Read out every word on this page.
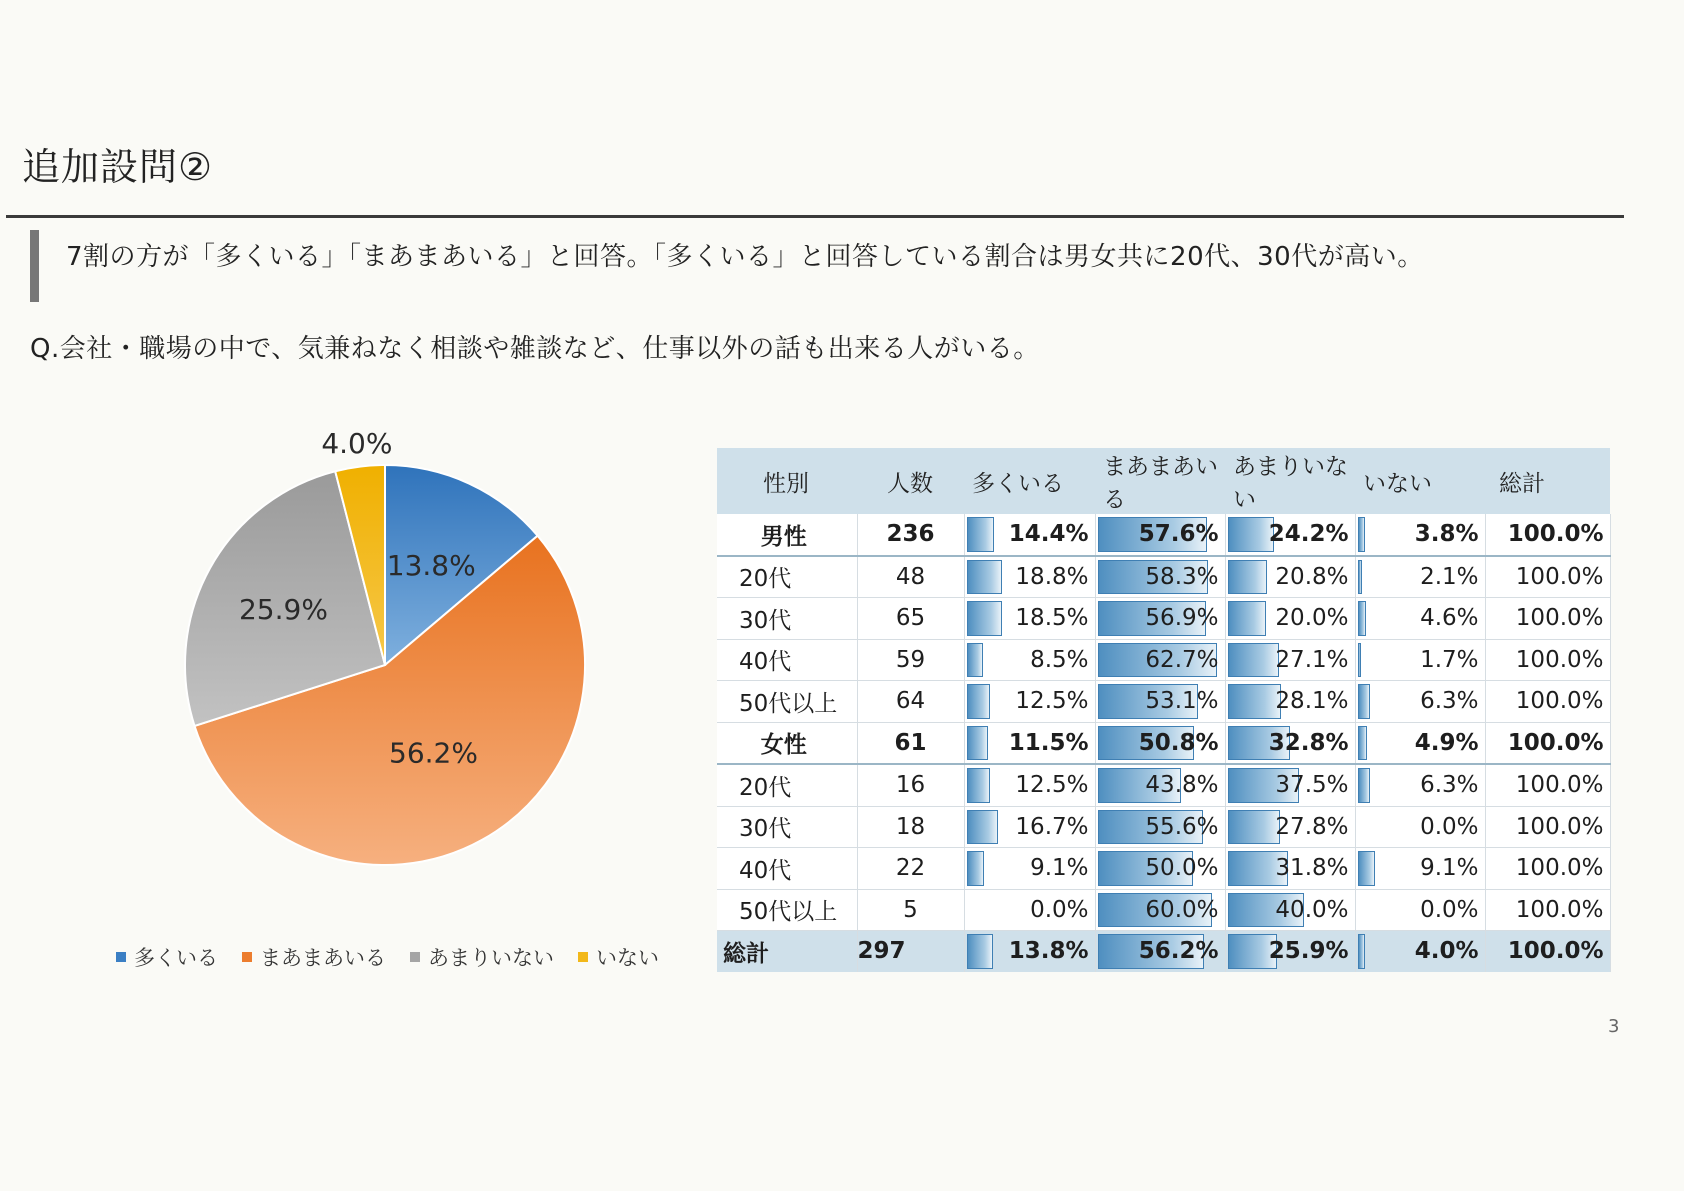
追加設問②
7割の方が「多くいる」「まあまあいる」と回答。「多くいる」と回答している割合は男女共に20代、30代が高い。
Q.会社・職場の中で、気兼ねなく相談や雑談など、仕事以外の話も出来る人がいる。
13.8%
56.2%
25.9%
4.0%
多くいる まあまあいる あまりいない いない
性別	人数	多くいる	まあまあいる	あまりいない	いない	総計
男性	236	14.4%	57.6%	24.2%	3.8%	100.0%
20代	48	18.8%	58.3%	20.8%	2.1%	100.0%
30代	65	18.5%	56.9%	20.0%	4.6%	100.0%
40代	59	8.5%	62.7%	27.1%	1.7%	100.0%
50代以上	64	12.5%	53.1%	28.1%	6.3%	100.0%
女性	61	11.5%	50.8%	32.8%	4.9%	100.0%
20代	16	12.5%	43.8%	37.5%	6.3%	100.0%
30代	18	16.7%	55.6%	27.8%	0.0%	100.0%
40代	22	9.1%	50.0%	31.8%	9.1%	100.0%
50代以上	5	0.0%	60.0%	40.0%	0.0%	100.0%
総計	297	13.8%	56.2%	25.9%	4.0%	100.0%
3
